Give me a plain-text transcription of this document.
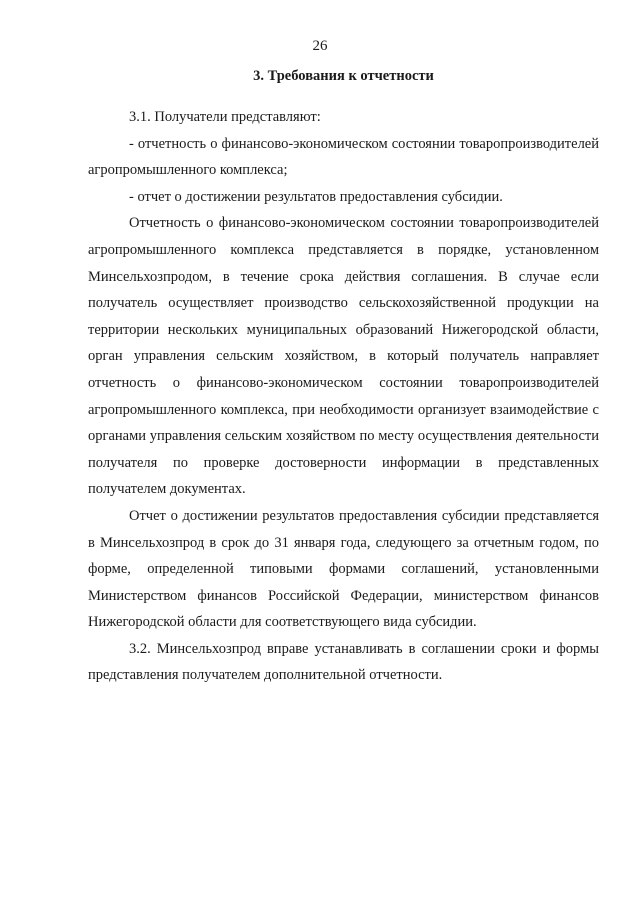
26
3. Требования к отчетности

3.1. Получатели представляют:

- отчетность о финансово-экономическом состоянии товаропроизводителей агропромышленного комплекса;

- отчет о достижении результатов предоставления субсидии.

Отчетность о финансово-экономическом состоянии товаропроизводителей агропромышленного комплекса представляется в порядке, установленном Минсельхозпродом, в течение срока действия соглашения. В случае если получатель осуществляет производство сельскохозяйственной продукции на территории нескольких муниципальных образований Нижегородской области, орган управления сельским хозяйством, в который получатель направляет отчетность о финансово-экономическом состоянии товаропроизводителей агропромышленного комплекса, при необходимости организует взаимодействие с органами управления сельским хозяйством по месту осуществления деятельности получателя по проверке достоверности информации в представленных получателем документах.

Отчет о достижении результатов предоставления субсидии представляется в Минсельхозпрод в срок до 31 января года, следующего за отчетным годом, по форме, определенной типовыми формами соглашений, установленными Министерством финансов Российской Федерации, министерством финансов Нижегородской области для соответствующего вида субсидии.

3.2. Минсельхозпрод вправе устанавливать в соглашении сроки и формы представления получателем дополнительной отчетности.
